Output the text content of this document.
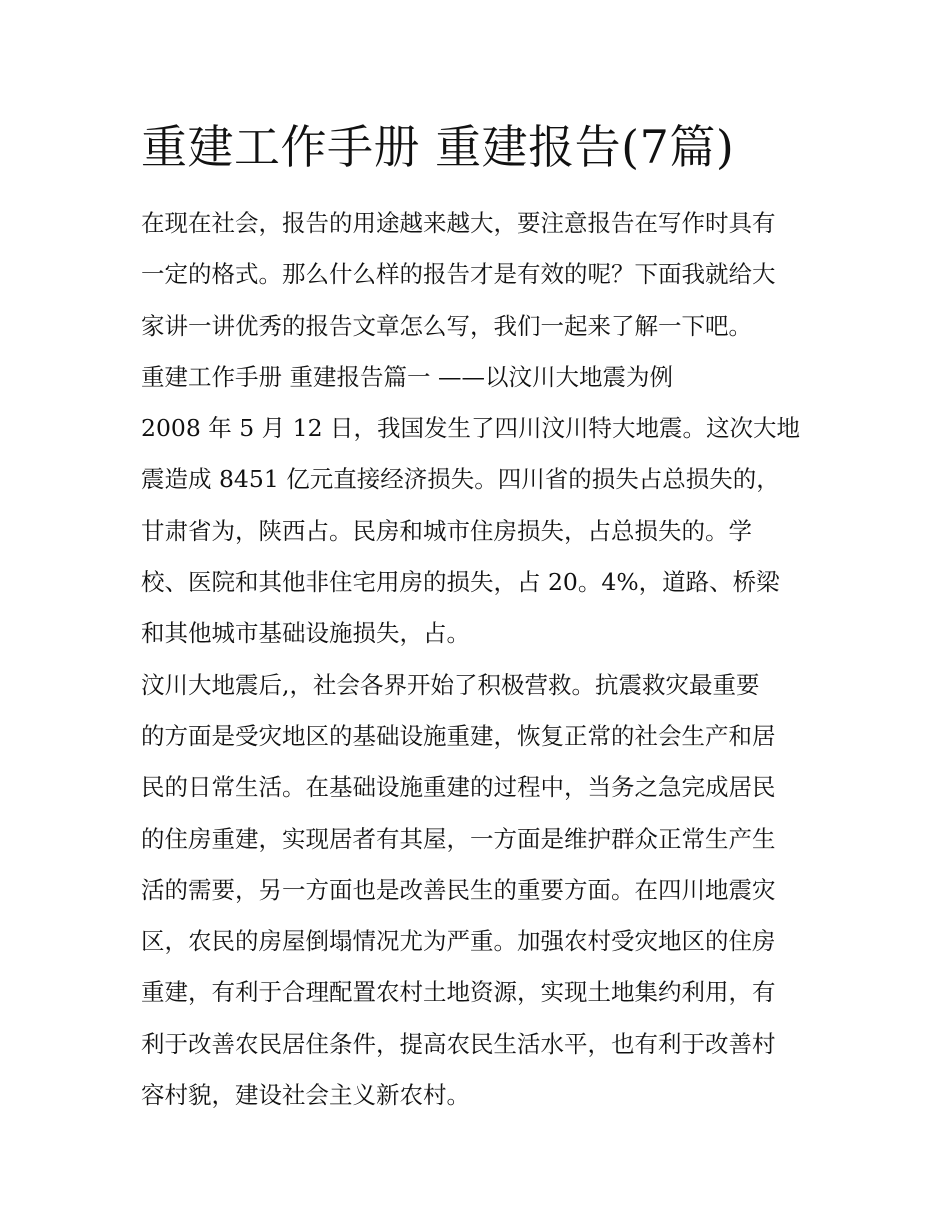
重建工作手册 重建报告(7篇)

在现在社会，报告的用途越来越大，要注意报告在写作时具有

一定的格式。那么什么样的报告才是有效的呢？下面我就给大

家讲一讲优秀的报告文章怎么写，我们一起来了解一下吧。

重建工作手册 重建报告篇一 ——以汶川大地震为例

2008 年 5 月 12 日，我国发生了四川汶川特大地震。这次大地

震造成 8451 亿元直接经济损失。四川省的损失占总损失的，

甘肃省为，陕西占。民房和城市住房损失，占总损失的。学

校、医院和其他非住宅用房的损失，占 20。4%，道路、桥梁

和其他城市基础设施损失，占。

汶川大地震后,，社会各界开始了积极营救。抗震救灾最重要

的方面是受灾地区的基础设施重建，恢复正常的社会生产和居

民的日常生活。在基础设施重建的过程中，当务之急完成居民

的住房重建，实现居者有其屋，一方面是维护群众正常生产生

活的需要，另一方面也是改善民生的重要方面。在四川地震灾

区，农民的房屋倒塌情况尤为严重。加强农村受灾地区的住房

重建，有利于合理配置农村土地资源，实现土地集约利用，有

利于改善农民居住条件，提高农民生活水平，也有利于改善村

容村貌，建设社会主义新农村。
